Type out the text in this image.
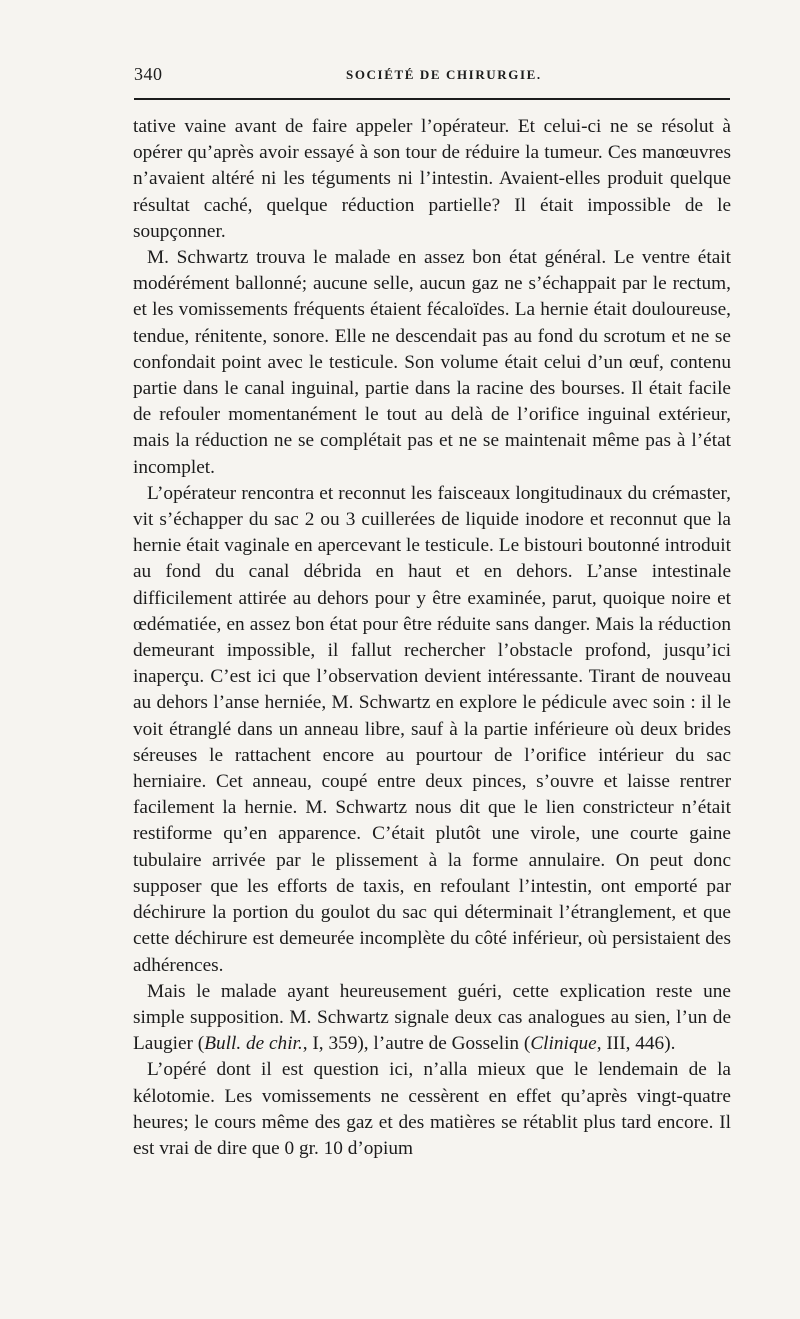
340	SOCIÉTÉ DE CHIRURGIE.

tative vaine avant de faire appeler l’opérateur. Et celui-ci ne se résolut à opérer qu’après avoir essayé à son tour de réduire la tumeur. Ces manœuvres n’avaient altéré ni les téguments ni l’intestin. Avaient-elles produit quelque résultat caché, quelque réduction partielle? Il était impossible de le soupçonner.

M. Schwartz trouva le malade en assez bon état général. Le ventre était modérément ballonné; aucune selle, aucun gaz ne s’échappait par le rectum, et les vomissements fréquents étaient fécaloïdes. La hernie était douloureuse, tendue, rénitente, sonore. Elle ne descendait pas au fond du scrotum et ne se confondait point avec le testicule. Son volume était celui d’un œuf, contenu partie dans le canal inguinal, partie dans la racine des bourses. Il était facile de refouler momentanément le tout au delà de l’orifice inguinal extérieur, mais la réduction ne se complétait pas et ne se maintenait même pas à l’état incomplet.

L’opérateur rencontra et reconnut les faisceaux longitudinaux du crémaster, vit s’échapper du sac 2 ou 3 cuillerées de liquide inodore et reconnut que la hernie était vaginale en apercevant le testicule. Le bistouri boutonné introduit au fond du canal débrida en haut et en dehors. L’anse intestinale difficilement attirée au dehors pour y être examinée, parut, quoique noire et œdématiée, en assez bon état pour être réduite sans danger. Mais la réduction demeurant impossible, il fallut rechercher l’obstacle profond, jusqu’ici inaperçu. C’est ici que l’observation devient intéressante. Tirant de nouveau au dehors l’anse herniée, M. Schwartz en explore le pédicule avec soin : il le voit étranglé dans un anneau libre, sauf à la partie inférieure où deux brides séreuses le rattachent encore au pourtour de l’orifice intérieur du sac herniaire. Cet anneau, coupé entre deux pinces, s’ouvre et laisse rentrer facilement la hernie. M. Schwartz nous dit que le lien constricteur n’était restiforme qu’en apparence. C’était plutôt une virole, une courte gaine tubulaire arrivée par le plissement à la forme annulaire. On peut donc supposer que les efforts de taxis, en refoulant l’intestin, ont emporté par déchirure la portion du goulot du sac qui déterminait l’étranglement, et que cette déchirure est demeurée incomplète du côté inférieur, où persistaient des adhérences.

Mais le malade ayant heureusement guéri, cette explication reste une simple supposition. M. Schwartz signale deux cas analogues au sien, l’un de Laugier (Bull. de chir., I, 359), l’autre de Gosselin (Clinique, III, 446).

L’opéré dont il est question ici, n’alla mieux que le lendemain de la kélotomie. Les vomissements ne cessèrent en effet qu’après vingt-quatre heures; le cours même des gaz et des matières se rétablit plus tard encore. Il est vrai de dire que 0 gr. 10 d’opium
